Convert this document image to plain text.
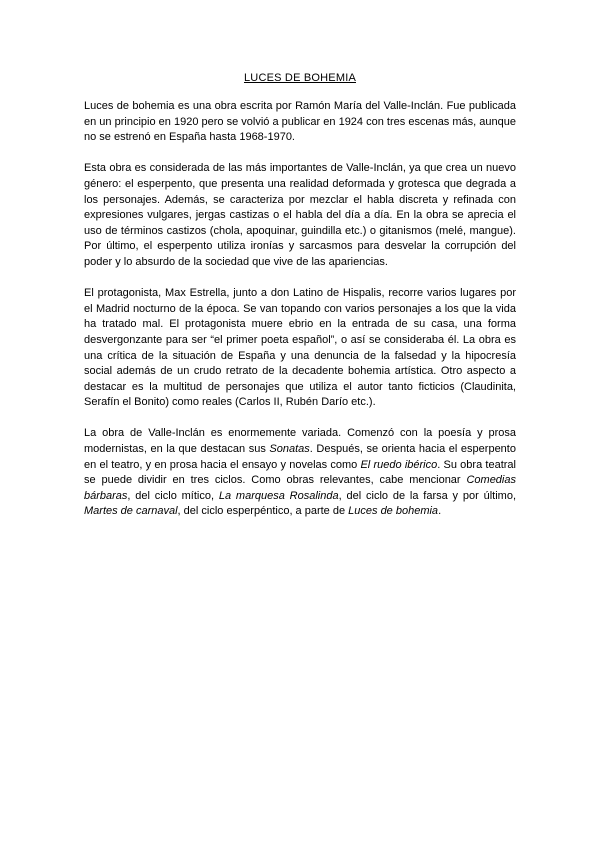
LUCES DE BOHEMIA

Luces de bohemia es una obra escrita por Ramón María del Valle-Inclán. Fue publicada en un principio en 1920 pero se volvió a publicar en 1924 con tres escenas más, aunque no se estrenó en España hasta 1968-1970.

Esta obra es considerada de las más importantes de Valle-Inclán, ya que crea un nuevo género: el esperpento, que presenta una realidad deformada y grotesca que degrada a los personajes. Además, se caracteriza por mezclar el habla discreta y refinada con expresiones vulgares, jergas castizas o el habla del día a día. En la obra se aprecia el uso de términos castizos (chola, apoquinar, guindilla etc.) o gitanismos (melé, mangue). Por último, el esperpento utiliza ironías y sarcasmos para desvelar la corrupción del poder y lo absurdo de la sociedad que vive de las apariencias.

El protagonista, Max Estrella, junto a don Latino de Hispalis, recorre varios lugares por el Madrid nocturno de la época. Se van topando con varios personajes a los que la vida ha tratado mal. El protagonista muere ebrio en la entrada de su casa, una forma desvergonzante para ser “el primer poeta español”, o así se consideraba él. La obra es una crítica de la situación de España y una denuncia de la falsedad y la hipocresía social además de un crudo retrato de la decadente bohemia artística. Otro aspecto a destacar es la multitud de personajes que utiliza el autor tanto ficticios (Claudinita, Serafín el Bonito) como reales (Carlos II, Rubén Darío etc.).

La obra de Valle-Inclán es enormemente variada. Comenzó con la poesía y prosa modernistas, en la que destacan sus Sonatas. Después, se orienta hacia el esperpento en el teatro, y en prosa hacia el ensayo y novelas como El ruedo ibérico. Su obra teatral se puede dividir en tres ciclos. Como obras relevantes, cabe mencionar Comedias bárbaras, del ciclo mítico, La marquesa Rosalinda, del ciclo de la farsa y por último, Martes de carnaval, del ciclo esperpéntico, a parte de Luces de bohemia.
